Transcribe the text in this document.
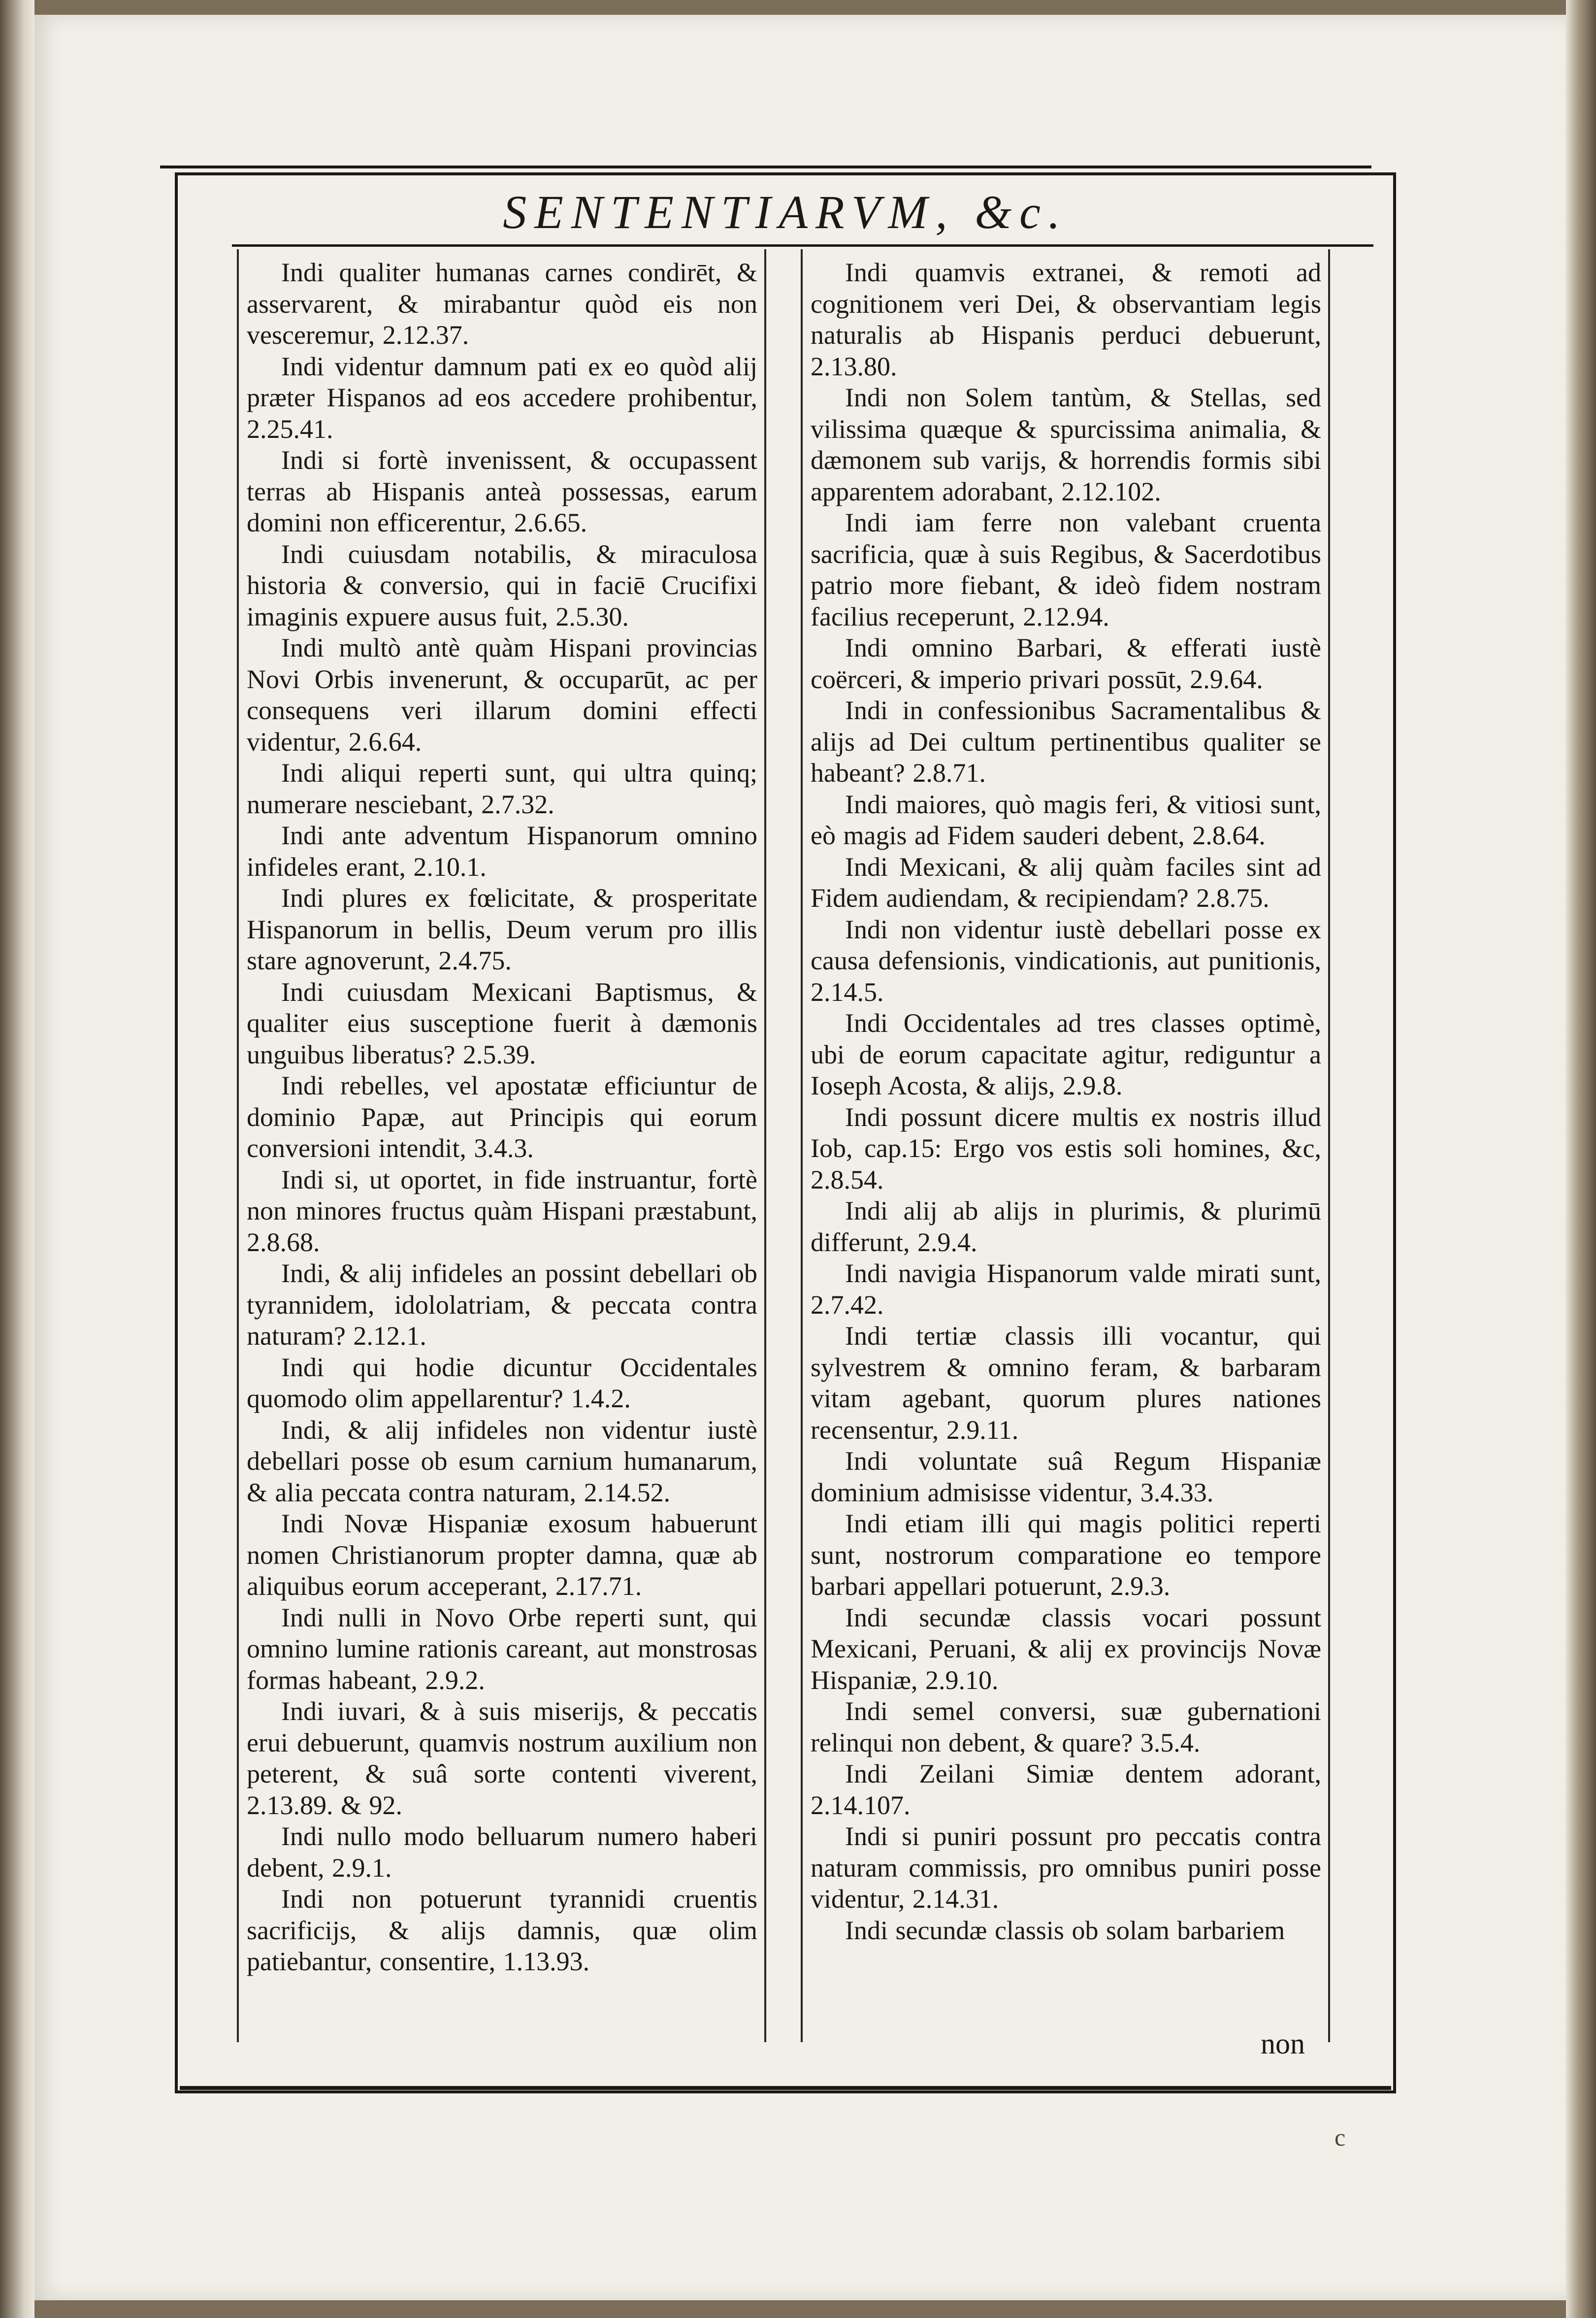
SENTENTIARVM, &c.

Indi qualiter humanas carnes condirēt, & asservarent, & mirabantur quòd eis non vesceremur, 2.12.37.

Indi videntur damnum pati ex eo quòd alij præter Hispanos ad eos accedere prohibentur, 2.25.41.

Indi si fortè invenissent, & occupassent terras ab Hispanis anteà possessas, earum domini non efficerentur, 2.6.65.

Indi cuiusdam notabilis, & miraculosa historia & conversio, qui in faciē Crucifixi imaginis expuere ausus fuit, 2.5.30.

Indi multò antè quàm Hispani provincias Novi Orbis invenerunt, & occuparūt, ac per consequens veri illarum domini effecti videntur, 2.6.64.

Indi aliqui reperti sunt, qui ultra quinq; numerare nesciebant, 2.7.32.

Indi ante adventum Hispanorum omnino infideles erant, 2.10.1.

Indi plures ex fœlicitate, & prosperitate Hispanorum in bellis, Deum verum pro illis stare agnoverunt, 2.4.75.

Indi cuiusdam Mexicani Baptismus, & qualiter eius susceptione fuerit à dæmonis unguibus liberatus? 2.5.39.

Indi rebelles, vel apostatæ efficiuntur de dominio Papæ, aut Principis qui eorum conversioni intendit, 3.4.3.

Indi si, ut oportet, in fide instruantur, fortè non minores fructus quàm Hispani præstabunt, 2.8.68.

Indi, & alij infideles an possint debellari ob tyrannidem, idololatriam, & peccata contra naturam? 2.12.1.

Indi qui hodie dicuntur Occidentales quomodo olim appellarentur? 1.4.2.

Indi, & alij infideles non videntur iustè debellari posse ob esum carnium humanarum, & alia peccata contra naturam, 2.14.52.

Indi Novæ Hispaniæ exosum habuerunt nomen Christianorum propter damna, quæ ab aliquibus eorum acceperant, 2.17.71.

Indi nulli in Novo Orbe reperti sunt, qui omnino lumine rationis careant, aut monstrosas formas habeant, 2.9.2.

Indi iuvari, & à suis miserijs, & peccatis erui debuerunt, quamvis nostrum auxilium non peterent, & suâ sorte contenti viverent, 2.13.89. & 92.

Indi nullo modo belluarum numero haberi debent, 2.9.1.

Indi non potuerunt tyrannidi cruentis sacrificijs, & alijs damnis, quæ olim patiebantur, consentire, 1.13.93.

Indi quamvis extranei, & remoti ad cognitionem veri Dei, & observantiam legis naturalis ab Hispanis perduci debuerunt, 2.13.80.

Indi non Solem tantùm, & Stellas, sed vilissima quæque & spurcissima animalia, & dæmonem sub varijs, & horrendis formis sibi apparentem adorabant, 2.12.102.

Indi iam ferre non valebant cruenta sacrificia, quæ à suis Regibus, & Sacerdotibus patrio more fiebant, & ideò fidem nostram facilius receperunt, 2.12.94.

Indi omnino Barbari, & efferati iustè coërceri, & imperio privari possūt, 2.9.64.

Indi in confessionibus Sacramentalibus & alijs ad Dei cultum pertinentibus qualiter se habeant? 2.8.71.

Indi maiores, quò magis feri, & vitiosi sunt, eò magis ad Fidem sauderi debent, 2.8.64.

Indi Mexicani, & alij quàm faciles sint ad Fidem audiendam, & recipiendam? 2.8.75.

Indi non videntur iustè debellari posse ex causa defensionis, vindicationis, aut punitionis, 2.14.5.

Indi Occidentales ad tres classes optimè, ubi de eorum capacitate agitur, rediguntur a Ioseph Acosta, & alijs, 2.9.8.

Indi possunt dicere multis ex nostris illud Iob, cap.15: Ergo vos estis soli homines, &c, 2.8.54.

Indi alij ab alijs in plurimis, & plurimū differunt, 2.9.4.

Indi navigia Hispanorum valde mirati sunt, 2.7.42.

Indi tertiæ classis illi vocantur, qui sylvestrem & omnino feram, & barbaram vitam agebant, quorum plures nationes recensentur, 2.9.11.

Indi voluntate suâ Regum Hispaniæ dominium admisisse videntur, 3.4.33.

Indi etiam illi qui magis politici reperti sunt, nostrorum comparatione eo tempore barbari appellari potuerunt, 2.9.3.

Indi secundæ classis vocari possunt Mexicani, Peruani, & alij ex provincijs Novæ Hispaniæ, 2.9.10.

Indi semel conversi, suæ gubernationi relinqui non debent, & quare? 3.5.4.

Indi Zeilani Simiæ dentem adorant, 2.14.107.

Indi si puniri possunt pro peccatis contra naturam commissis, pro omnibus puniri posse videntur, 2.14.31.

Indi secundæ classis ob solam barbariem

non
c
